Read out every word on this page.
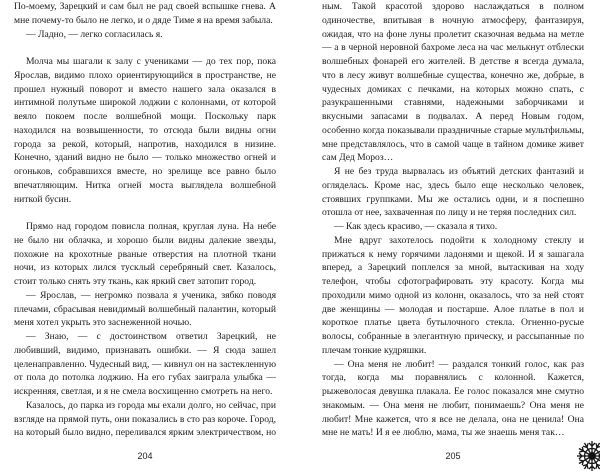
По-моему, Зарецкий и сам был не рад своей вспышке гнева. А мне почему-то было не легко, и о дяде Тиме я на время забыла.

— Ладно, — легко согласилась я.

Молча мы шагали к залу с учениками — до тех пор, пока Ярослав, видимо плохо ориентирующийся в пространстве, не прошел нужный поворот и вместо нашего зала оказался в интимной полутьме широкой лоджии с колоннами, от которой веяло покоем после волшебной мощи. Поскольку парк находился на возвышенности, то отсюда были видны огни города за рекой, который, напротив, находился в низине. Конечно, зданий видно не было — только множество огней и огоньков, собравшихся вместе, но зрелище все равно было впечатляющим. Нитка огней моста выглядела волшебной ниткой бусин.

Прямо над городом повисла полная, круглая луна. На небе не было ни облачка, и хорошо были видны далекие звезды, похожие на крохотные рваные отверстия на плотной ткани ночи, из которых лился тусклый серебряный свет. Казалось, стоит только снять эту ткань, как яркий свет затопит город.

— Ярослав, — негромко позвала я ученика, зябко поводя плечами, сбрасывая невидимый волшебный палантин, который меня хотел укрыть это заснеженной ночью.

— Знаю, — с достоинством ответил Зарецкий, не любивший, видимо, признавать ошибки. — Я сюда зашел целенаправленно. Чудесный вид, — кивнул он на застекленную от пола до потолка лоджию. На его губах заиграла улыбка — искренняя, светлая, и я не смела восхищенно смотреть на него.

Казалось, до парка из города мы ехали долго, но сейчас, при взгляде на прямой путь, они показались в сто раз короче. Город, на который было видно, переливался ярким электричеством, но

ным. Такой красотой здорово наслаждаться в полном одиночестве, впитывая в ночную атмосферу, фантазируя, ожидая, что на фоне луны пролетит сказочная ведьма на метле — а в черной неровной бахроме леса на час мелькнут отблески волшебных фонарей его жителей. В детстве я всегда думала, что в лесу живут волшебные существа, конечно же, добрые, в чудесных домиках с печками, на которых можно спать, с разукрашенными ставнями, надежными заборчиками и вкусными запасами в подвалах. А перед Новым годом, особенно когда показывали праздничные старые мультфильмы, мне представлялось, что в самой чаще в тайном домике живет сам Дед Мороз…

Я не без труда вырвалась из объятий детских фантазий и огляделась. Кроме нас, здесь было еще несколько человек, стоявших группками. Мы же остались одни, и я поспешно отошла от нее, захваченная по лицу и не теряя последних сил.

— Как здесь красиво, — сказала я тихо.

Мне вдруг захотелось подойти к холодному стеклу и прижаться к нему горячими ладонями и щекой. И я зашагала вперед, а Зарецкий поплелся за мной, вытаскивая на ходу телефон, чтобы сфотографировать эту красоту. Когда мы проходили мимо одной из колонн, оказалось, что за ней стоят две женщины — молодая и постарше. Алое платье в пол и короткое платье цвета бутылочного стекла. Огненно-русые волосы, собранные в элегантную прическу, и рассыпанные по плечам тонкие кудряшки.

— Она меня не любит! — раздался тонкий голос, как раз тогда, когда мы поравнялись с колонной. Кажется, рыжеволосая девушка плакала. Ее голос показался мне смутно знакомым. — Она меня не любит, понимаешь? Она меня не любит! Мне кажется, что я все не делала, она не ценила! Она мне не мать! И я ее люблю, мама, ты же знаешь меня так…

204	205
